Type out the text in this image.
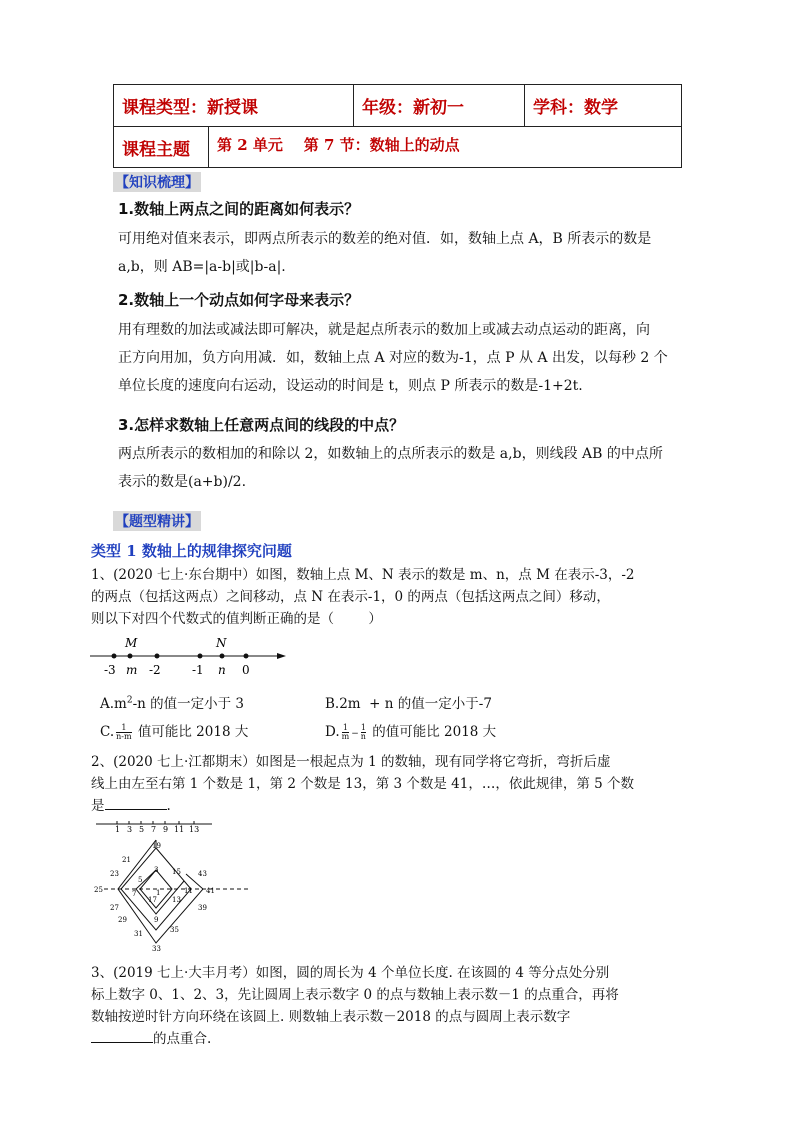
课程类型：新授课	年级：新初一	学科：数学
课程主题	第 2 单元    第 7 节：数轴上的动点
【知识梳理】
1.数轴上两点之间的距离如何表示？
可用绝对值来表示，即两点所表示的数差的绝对值．如，数轴上点 A，B 所表示的数是
a,b，则 AB=|a-b|或|b-a|.
2.数轴上一个动点如何字母来表示？
用有理数的加法或减法即可解决，就是起点所表示的数加上或减去动点运动的距离，向
正方向用加，负方向用减．如，数轴上点 A 对应的数为-1，点 P 从 A 出发，以每秒 2 个
单位长度的速度向右运动，设运动的时间是 t，则点 P 所表示的数是-1+2t.
3.怎样求数轴上任意两点间的线段的中点？
两点所表示的数相加的和除以 2，如数轴上的点所表示的数是 a,b，则线段 AB 的中点所
表示的数是(a+b)/2.
【题型精讲】
类型 1 数轴上的规律探究问题
1、(2020 七上·东台期中）如图，数轴上点 M、N 表示的数是 m、n，点 M 在表示-3，-2
的两点（包括这两点）之间移动，点 N 在表示-1，0 的两点（包括这两点之间）移动，
则以下对四个代数式的值判断正确的是（        ）
M	N
-3 m -2	-1 n 0
$A.m^2-n$ 的值一定小于 3	B.2m  + n 的值一定小于-7
C. $\frac{1}{n-m}$ 值可能比 2018 大	D. $\frac{1}{m} - \frac{1}{n}$ 的值可能比 2018 大
2、(2020 七上·江都期末）如图是一根起点为 1 的数轴，现有同学将它弯折，弯折后虚
线上由左至右第 1 个数是 1，第 2 个数是 13，第 3 个数是 41，…，依此规律，第 5 个数
是	.
1 3 5 7 9 11 13
19
21
43
23	3 15
5
7	1	11
13
41
25
17
27	39
29	9
31	35
33
3、(2019 七上·大丰月考）如图，圆的周长为 4 个单位长度. 在该圆的 4 等分点处分别
标上数字 0、1、2、3，先让圆周上表示数字 0 的点与数轴上表示数－1 的点重合，再将
数轴按逆时针方向环绕在该圆上. 则数轴上表示数－2018 的点与圆周上表示数字
的点重合.
